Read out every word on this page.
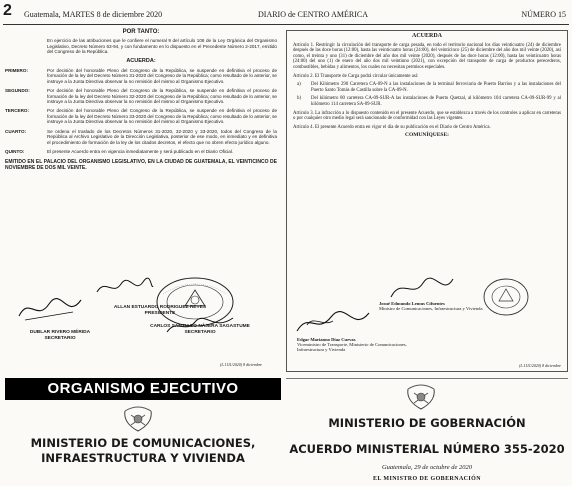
2 Guatemala, MARTES 8 de diciembre 2020	DIARIO de CENTRO AMÉRICA	NÚMERO 15
POR TANTO:
En ejercicio de las atribuciones que le confiere el numeral 9 del artículo 106 de la Ley Orgánica del Organismo Legislativo, Decreto Número 63-94, y con fundamento en lo dispuesto en el Precedente Número 2-2017, emitido del Congreso de la República.
ACUERDA:
PRIMERO:	Por decisión del honorable Pleno del Congreso de la República, se suspende en definitiva el proceso de formación de la ley del Decreto Número 31-2020 del Congreso de la República; como resultado de lo anterior, se instruye a la Junta Directiva observar la no remisión del mismo al Organismo Ejecutivo.
SEGUNDO:	Por decisión del honorable Pleno del Congreso de la República, se suspende en definitiva el proceso de formación de la ley del Decreto Número 32-2020 del Congreso de la República; como resultado de lo anterior, se instruye a la Junta Directiva observar la no remisión del mismo al Organismo Ejecutivo.
TERCERO:	Por decisión del honorable Pleno del Congreso de la República, se suspende en definitiva el proceso de formación de la ley del Decreto Número 33-2020 del Congreso de la República; como resultado de lo anterior, se instruye a la Junta Directiva observar la no remisión del mismo al Organismo Ejecutivo.
CUARTO:	Se ordena el traslado de los Decretos Números 31-2020, 32-2020 y 33-2020, todos del Congreso de la República al Archivo Legislativo de la Dirección Legislativa, posterior de ese modo, en inmediato y en definitiva el procedimiento de formación de la ley de los citados decretos, el efecto que no obren efecto jurídico alguno.
QUINTO:	El presente Acuerdo entra en vigencia inmediatamente y será publicado en el Diario Oficial.
EMITIDO EN EL PALACIO DEL ORGANISMO LEGISLATIVO, EN LA CIUDAD DE GUATEMALA, EL VEINTICINCO DE NOVIEMBRE DE DOS MIL VEINTE.
ALLAN ESTUARDO RODRIGUEZ REYES
PRESIDENTE
DUBLAR RIVERO MÉRIDA
SECRETARIO
CARLOS SANTIAGO NÁJERA SAGASTUME
SECRETARIO
(L.1111/2020) 8 diciembre
ACUERDA
Artículo 1. Restringir la circulación del transporte de carga pesada, en todo el territorio nacional los días veinticuatro (24) de diciembre después de las doce horas (12:00), hasta las veinticuatro horas (24:00), del veinticinco (25) de diciembre del año dos mil veinte (2020), así como, el treinta y uno (31) de diciembre del año dos mil veinte (2020), después de las doce horas (12:00), hasta las veinticuatro horas (24:00) del uno (1) de enero del año dos mil veintiuno (2021), con excepción del transporte de carga de productos perecederos, combustibles, bebidas y alimentos, los cuales no necesitan permisos especiales.
Artículo 2. El Transporte de Carga podrá circular únicamente así:
a)	Del Kilómetro 290 Carretera CA-09-N a las instalaciones de la terminal ferroviaria de Puerto Barrios y a las instalaciones del Puerto Santo Tomás de Castilla sobre la CA-09-N.
b)	Del kilómetro 80 carretera CA-09-SUR-A las instalaciones de Puerto Quetzal, al kilómetro 104 carretera CA-09-SUR-99 y al kilómetro 114 carretera SA-09-SUR.
Artículo 3. La infracción a lo dispuesto contenido en el presente Acuerdo, que se establezca a través de los controles a aplicar en carreteras o por cualquier otro medio legal será sancionado de conformidad con las Leyes vigentes.
Artículo 4. El presente Acuerdo entra en vigor el día de su publicación en el Diario de Centro América.
COMUNÍQUESE:
Josué Edmundo Lemus Cifuentes
Ministro de Comunicaciones, Infraestructura y Vivienda
Edgar Marianno Díaz Cuevas
Viceministro de Transporte, Ministerio de Comunicaciones, Infraestructura y Vivienda
(L.1111/2020) 8 diciembre
ORGANISMO EJECUTIVO
MINISTERIO DE COMUNICACIONES,
INFRAESTRUCTURA Y VIVIENDA
MINISTERIO DE GOBERNACIÓN
ACUERDO MINISTERIAL NÚMERO 355-2020
Guatemala, 29 de octubre de 2020
EL MINISTRO DE GOBERNACIÓN
